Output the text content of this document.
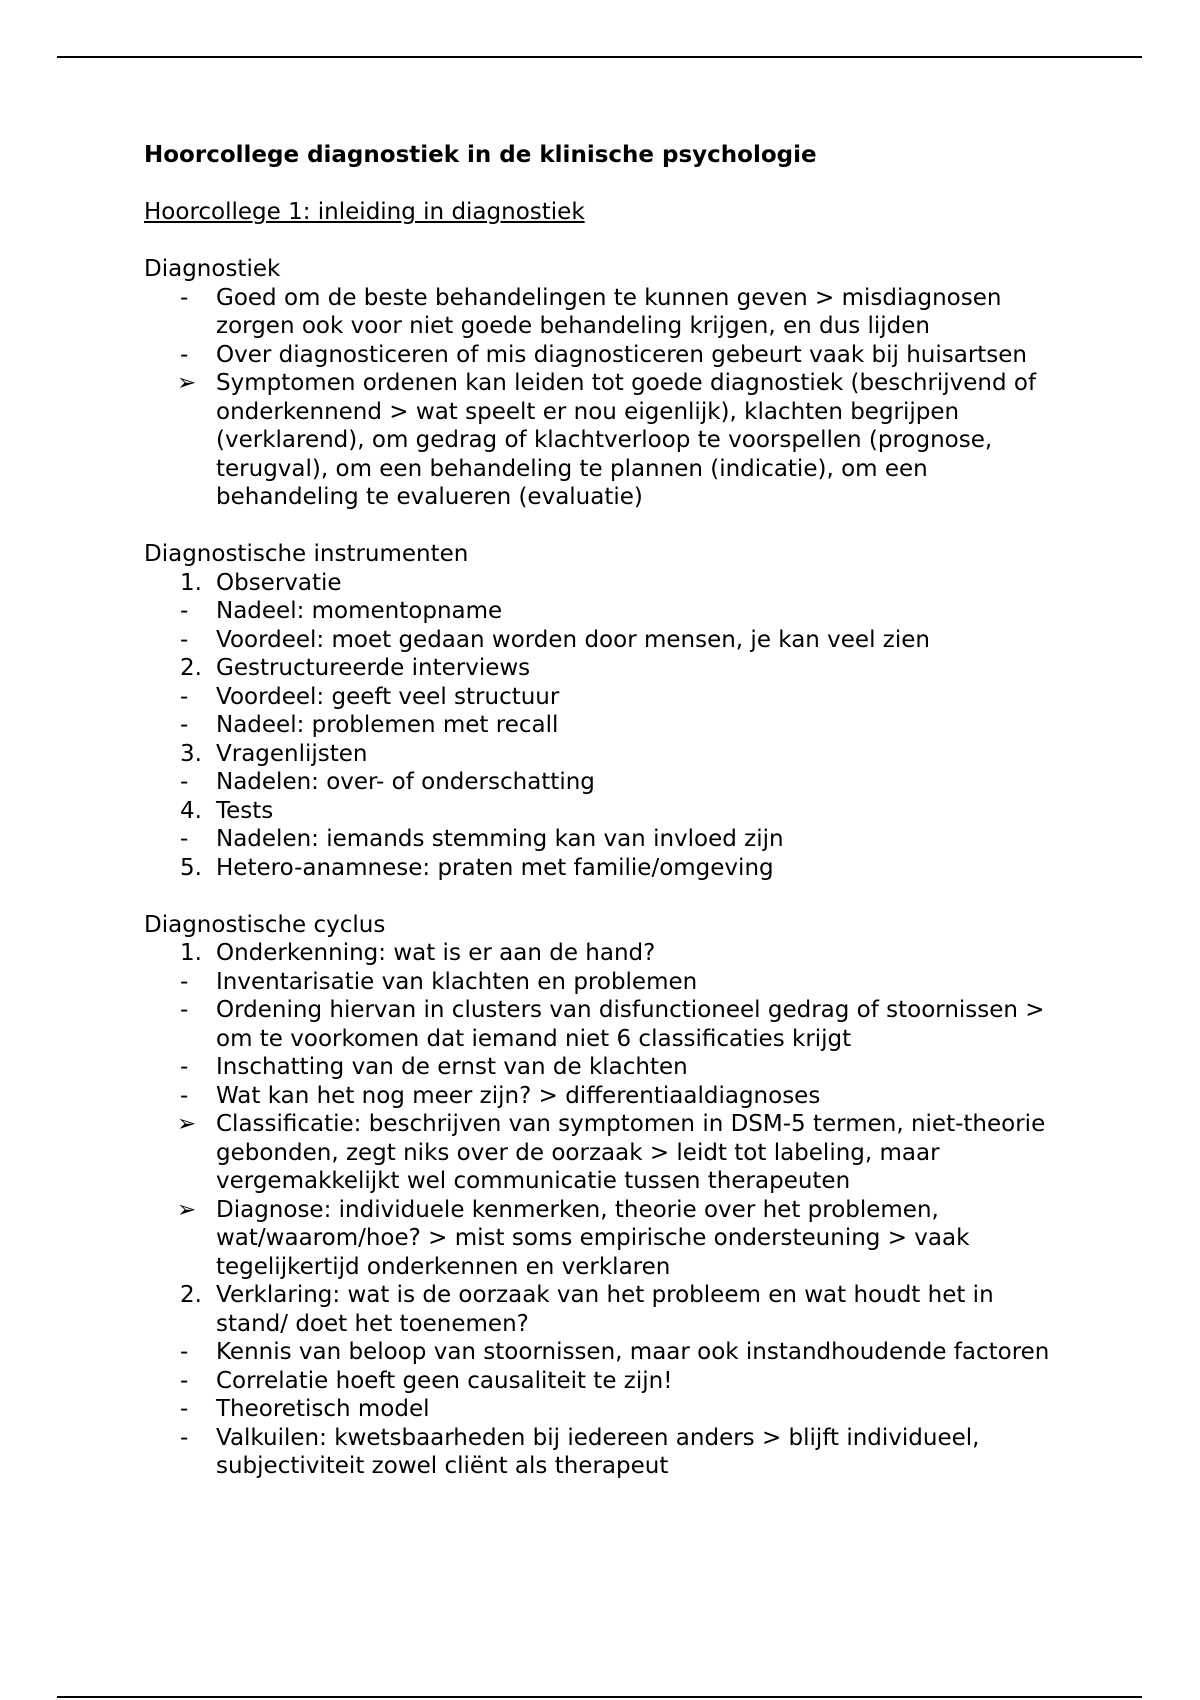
Hoorcollege diagnostiek in de klinische psychologie
Hoorcollege 1: inleiding in diagnostiek
Diagnostiek
-	Goed om de beste behandelingen te kunnen geven > misdiagnosen zorgen ook voor niet goede behandeling krijgen, en dus lijden
-	Over diagnosticeren of mis diagnosticeren gebeurt vaak bij huisartsen
➢ Symptomen ordenen kan leiden tot goede diagnostiek (beschrijvend of onderkennend > wat speelt er nou eigenlijk), klachten begrijpen (verklarend), om gedrag of klachtverloop te voorspellen (prognose, terugval), om een behandeling te plannen (indicatie), om een behandeling te evalueren (evaluatie)
Diagnostische instrumenten
1. Observatie
-	Nadeel: momentopname
-	Voordeel: moet gedaan worden door mensen, je kan veel zien
2. Gestructureerde interviews
-	Voordeel: geeft veel structuur
-	Nadeel: problemen met recall
3. Vragenlijsten
-	Nadelen: over- of onderschatting
4. Tests
-	Nadelen: iemands stemming kan van invloed zijn
5. Hetero-anamnese: praten met familie/omgeving
Diagnostische cyclus
1. Onderkenning: wat is er aan de hand?
-	Inventarisatie van klachten en problemen
-	Ordening hiervan in clusters van disfunctioneel gedrag of stoornissen > om te voorkomen dat iemand niet 6 classificaties krijgt
-	Inschatting van de ernst van de klachten
-	Wat kan het nog meer zijn? > differentiaaldiagnoses
➢ Classificatie: beschrijven van symptomen in DSM-5 termen, niet-theorie gebonden, zegt niks over de oorzaak > leidt tot labeling, maar vergemakkelijkt wel communicatie tussen therapeuten
➢ Diagnose: individuele kenmerken, theorie over het problemen, wat/waarom/hoe? > mist soms empirische ondersteuning > vaak tegelijkertijd onderkennen en verklaren
2. Verklaring: wat is de oorzaak van het probleem en wat houdt het in stand/ doet het toenemen?
-	Kennis van beloop van stoornissen, maar ook instandhoudende factoren
-	Correlatie hoeft geen causaliteit te zijn!
-	Theoretisch model
-	Valkuilen: kwetsbaarheden bij iedereen anders > blijft individueel, subjectiviteit zowel cliënt als therapeut
